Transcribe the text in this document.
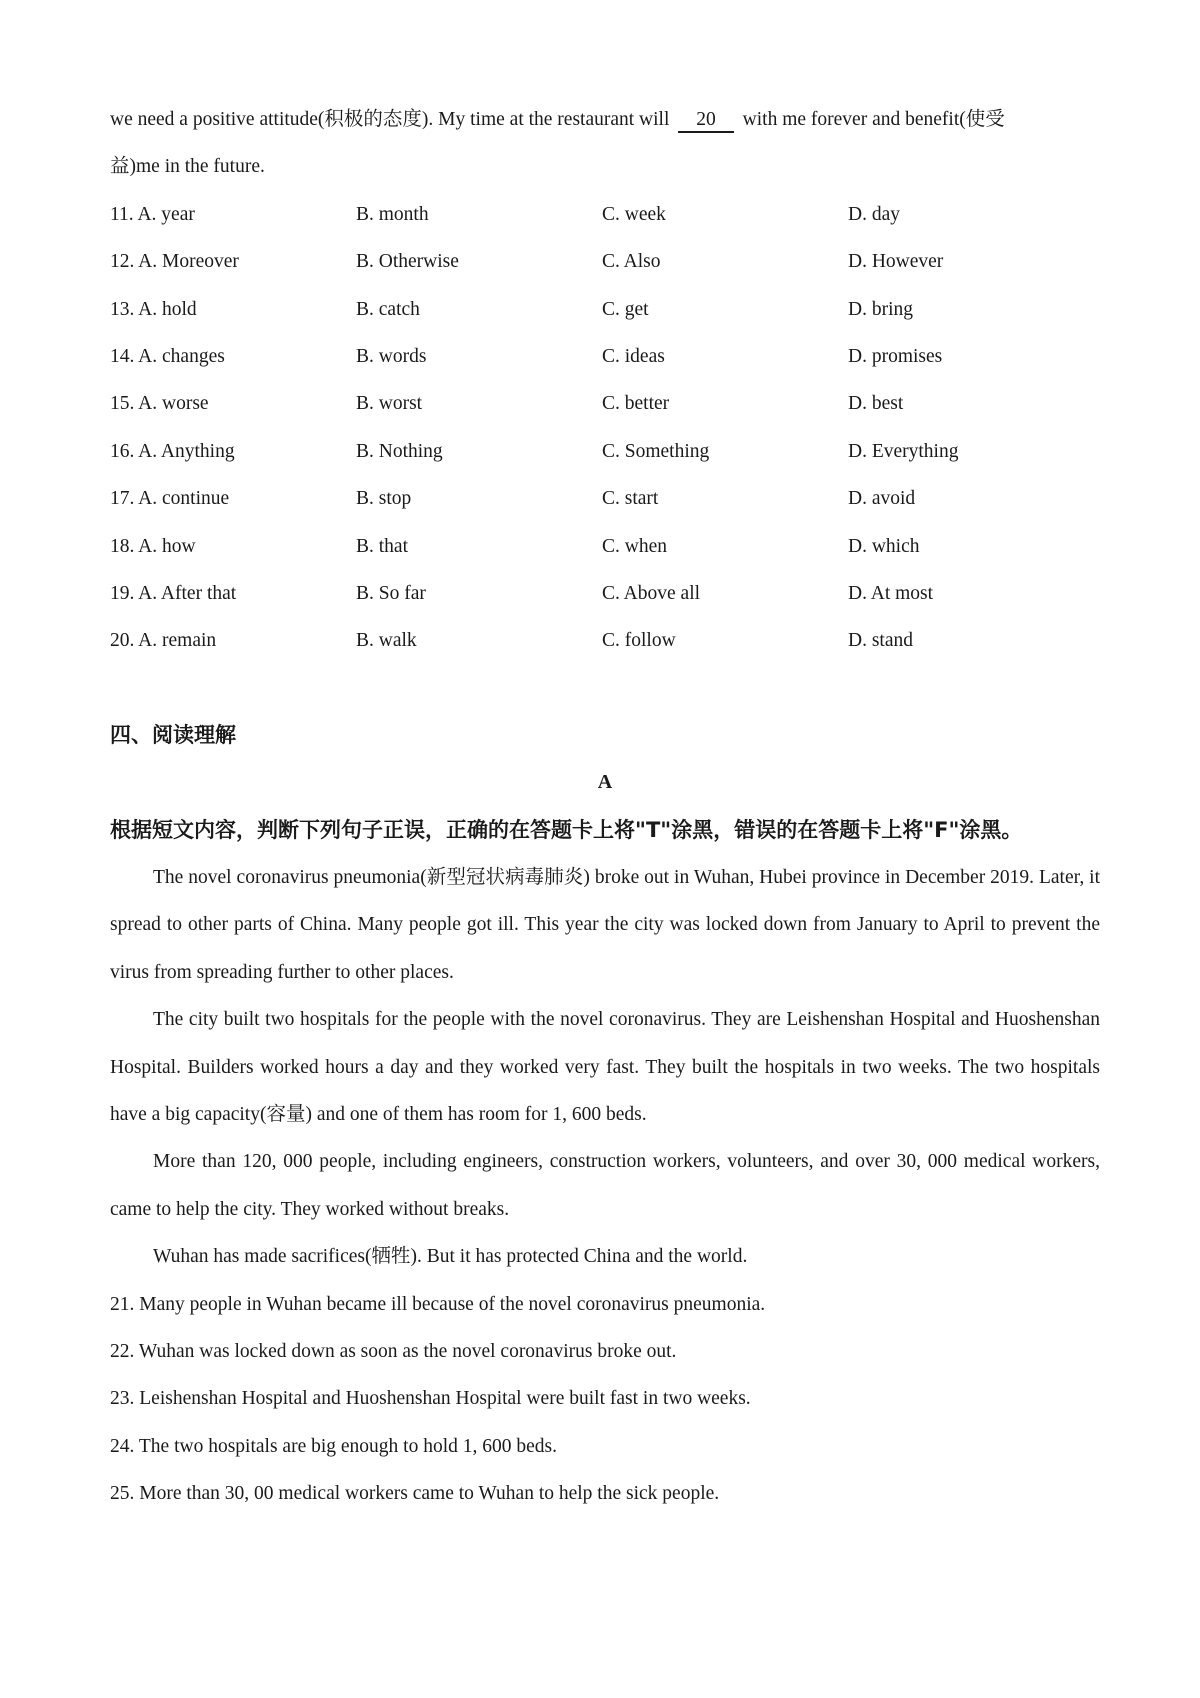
we need a positive attitude(积极的态度). My time at the restaurant will 20 with me forever and benefit(使受
益)me in the future.
11. A. year	B. month	C. week	D. day
12. A. Moreover	B. Otherwise	C. Also	D. However
13. A. hold	B. catch	C. get	D. bring
14. A. changes	B. words	C. ideas	D. promises
15. A. worse	B. worst	C. better	D. best
16. A. Anything	B. Nothing	C. Something	D. Everything
17. A. continue	B. stop	C. start	D. avoid
18. A. how	B. that	C. when	D. which
19. A. After that	B. So far	C. Above all	D. At most
20. A. remain	B. walk	C. follow	D. stand
四、阅读理解
A

根据短文内容，判断下列句子正误，正确的在答题卡上将"T"涂黑，错误的在答题卡上将"F"涂黑。

The novel coronavirus pneumonia(新型冠状病毒肺炎) broke out in Wuhan, Hubei province in December 2019. Later, it spread to other parts of China. Many people got ill. This year the city was locked down from January to April to prevent the virus from spreading further to other places.

The city built two hospitals for the people with the novel coronavirus. They are Leishenshan Hospital and Huoshenshan Hospital. Builders worked hours a day and they worked very fast. They built the hospitals in two weeks. The two hospitals have a big capacity(容量) and one of them has room for 1, 600 beds.

More than 120, 000 people, including engineers, construction workers, volunteers, and over 30, 000 medical workers, came to help the city. They worked without breaks.

Wuhan has made sacrifices(牺牲). But it has protected China and the world.

21. Many people in Wuhan became ill because of the novel coronavirus pneumonia.
22. Wuhan was locked down as soon as the novel coronavirus broke out.
23. Leishenshan Hospital and Huoshenshan Hospital were built fast in two weeks.
24. The two hospitals are big enough to hold 1, 600 beds.
25. More than 30, 00 medical workers came to Wuhan to help the sick people.
